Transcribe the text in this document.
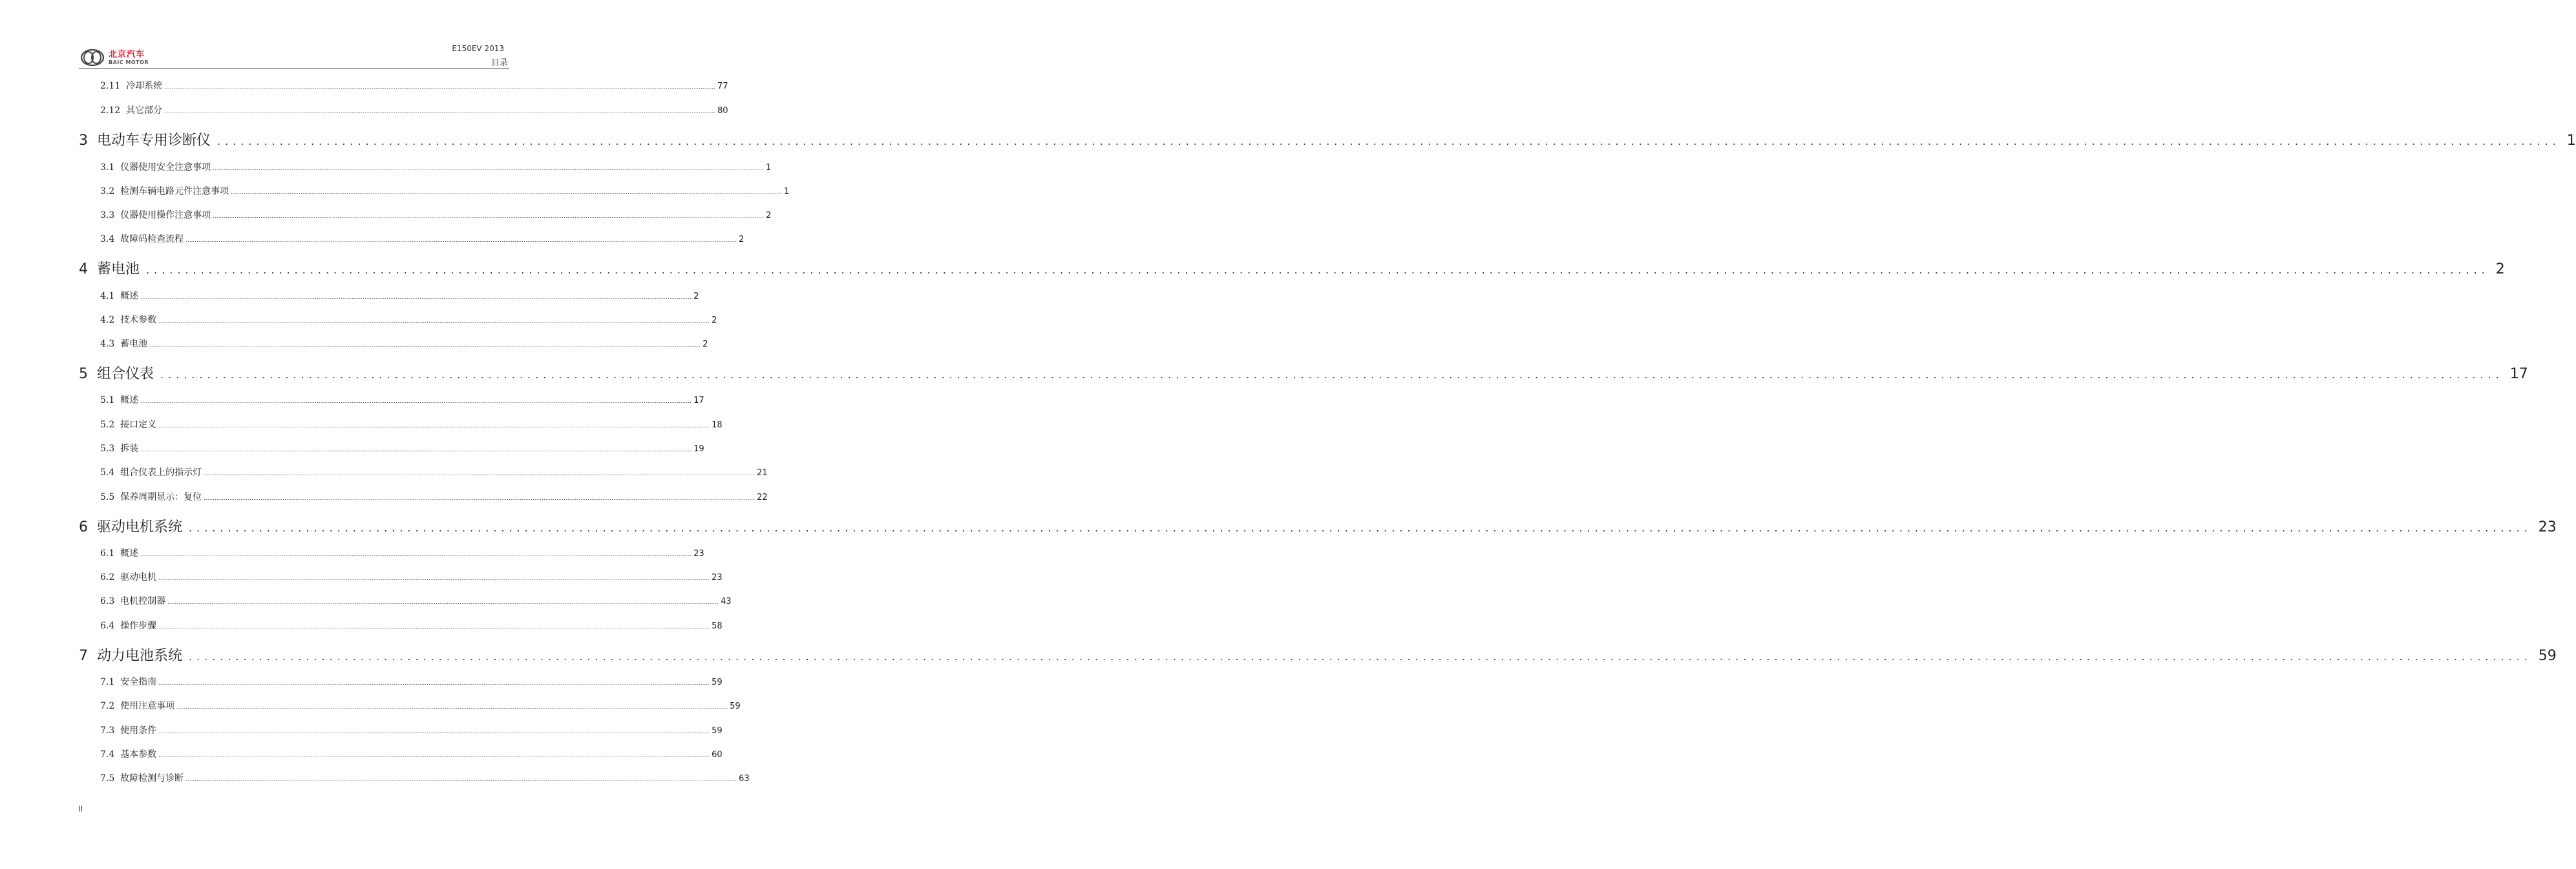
北京汽车
BAIC MOTOR
E150EV 2013
目录
2.11
冷却系统 ............................................................................................................................................................................................................................................................................................................ 77
2.12
其它部分 ............................................................................................................................................................................................................................................................................................................ 80
3
电动车专用诊断仪 ............................................................................................................................................................................................................................................................................................................ 1
3.1
仪器使用安全注意事项 ............................................................................................................................................................................................................................................................................................................ 1
3.2
检测车辆电路元件注意事项 ............................................................................................................................................................................................................................................................................................................ 1
3.3
仪器使用操作注意事项 ............................................................................................................................................................................................................................................................................................................ 2
3.4
故障码检查流程 ............................................................................................................................................................................................................................................................................................................ 2
4
蓄电池 ............................................................................................................................................................................................................................................................................................................ 2
4.1
概述 ............................................................................................................................................................................................................................................................................................................ 2
4.2
技术参数 ............................................................................................................................................................................................................................................................................................................ 2
4.3
蓄电池 ............................................................................................................................................................................................................................................................................................................ 2
5
组合仪表 ............................................................................................................................................................................................................................................................................................................ 17
5.1
概述 ............................................................................................................................................................................................................................................................................................................ 17
5.2
接口定义 ............................................................................................................................................................................................................................................................................................................ 18
5.3
拆装 ............................................................................................................................................................................................................................................................................................................ 19
5.4
组合仪表上的指示灯 ............................................................................................................................................................................................................................................................................................................ 21
5.5
保养周期显示：复位 ............................................................................................................................................................................................................................................................................................................ 22
6
驱动电机系统 ............................................................................................................................................................................................................................................................................................................ 23
6.1
概述 ............................................................................................................................................................................................................................................................................................................ 23
6.2
驱动电机 ............................................................................................................................................................................................................................................................................................................ 23
6.3
电机控制器 ............................................................................................................................................................................................................................................................................................................ 43
6.4
操作步骤 ............................................................................................................................................................................................................................................................................................................ 58
7
动力电池系统 ............................................................................................................................................................................................................................................................................................................ 59
7.1
安全指南 ............................................................................................................................................................................................................................................................................................................ 59
7.2
使用注意事项 ............................................................................................................................................................................................................................................................................................................ 59
7.3
使用条件 ............................................................................................................................................................................................................................................................................................................ 59
7.4
基本参数 ............................................................................................................................................................................................................................................................................................................ 60
7.5
故障检测与诊断 ............................................................................................................................................................................................................................................................................................................ 63
II
